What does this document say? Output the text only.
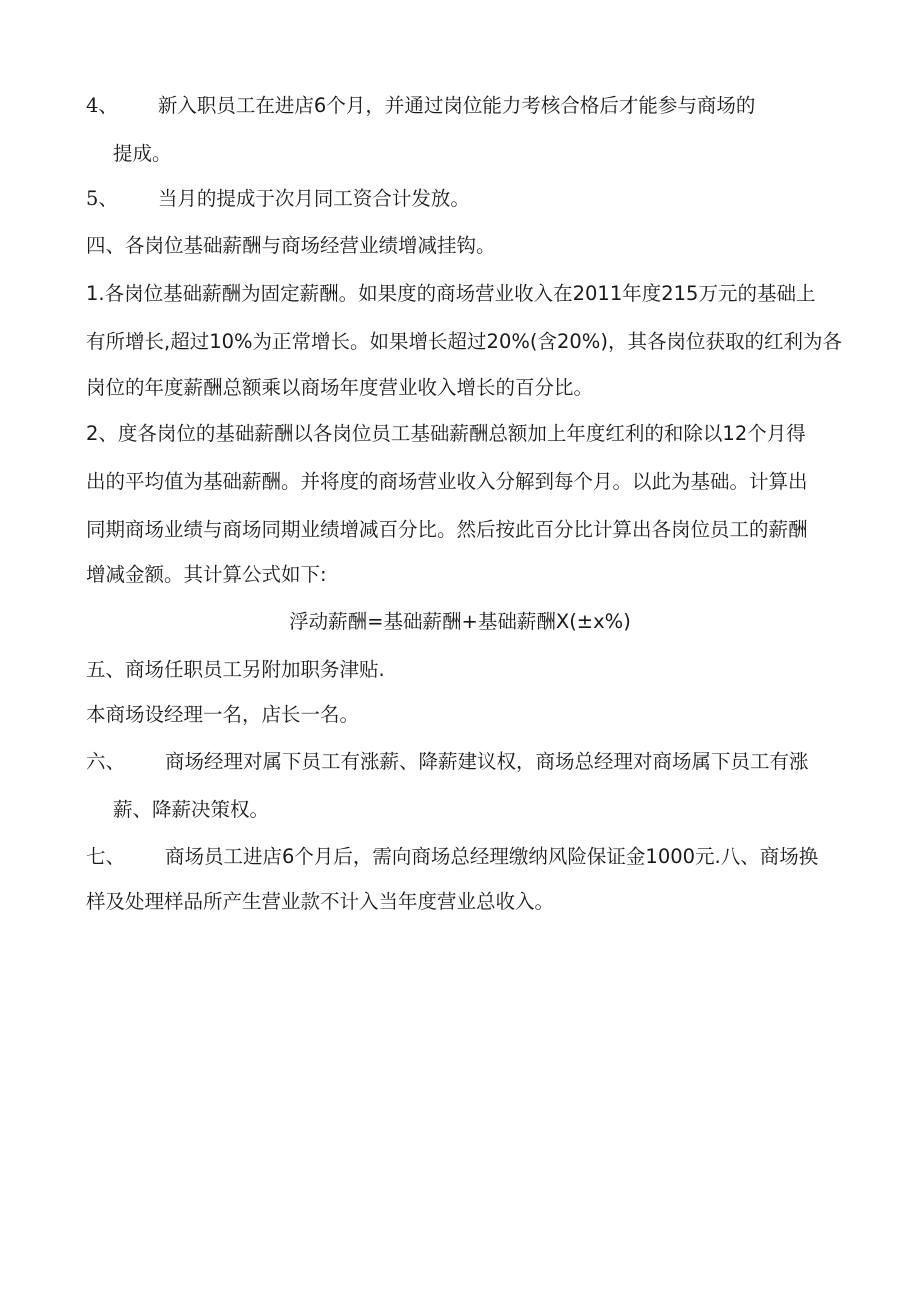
4、 新入职员工在进店6个月，并通过岗位能力考核合格后才能参与商场的
提成。
5、 当月的提成于次月同工资合计发放。
四、各岗位基础薪酬与商场经营业绩增减挂钩。
1.各岗位基础薪酬为固定薪酬。如果度的商场营业收入在2011年度215万元的基础上
有所增长,超过10%为正常增长。如果增长超过20%(含20%)，其各岗位获取的红利为各
岗位的年度薪酬总额乘以商场年度营业收入增长的百分比。
2、度各岗位的基础薪酬以各岗位员工基础薪酬总额加上年度红利的和除以12个月得
出的平均值为基础薪酬。并将度的商场营业收入分解到每个月。以此为基础。计算出
同期商场业绩与商场同期业绩增减百分比。然后按此百分比计算出各岗位员工的薪酬
增减金额。其计算公式如下:
浮动薪酬=基础薪酬+基础薪酬X(±x%)
五、商场任职员工另附加职务津贴.
本商场设经理一名，店长一名。
六、 商场经理对属下员工有涨薪、降薪建议权，商场总经理对商场属下员工有涨
薪、降薪决策权。
七、 商场员工进店6个月后，需向商场总经理缴纳风险保证金1000元.八、商场换
样及处理样品所产生营业款不计入当年度营业总收入。
